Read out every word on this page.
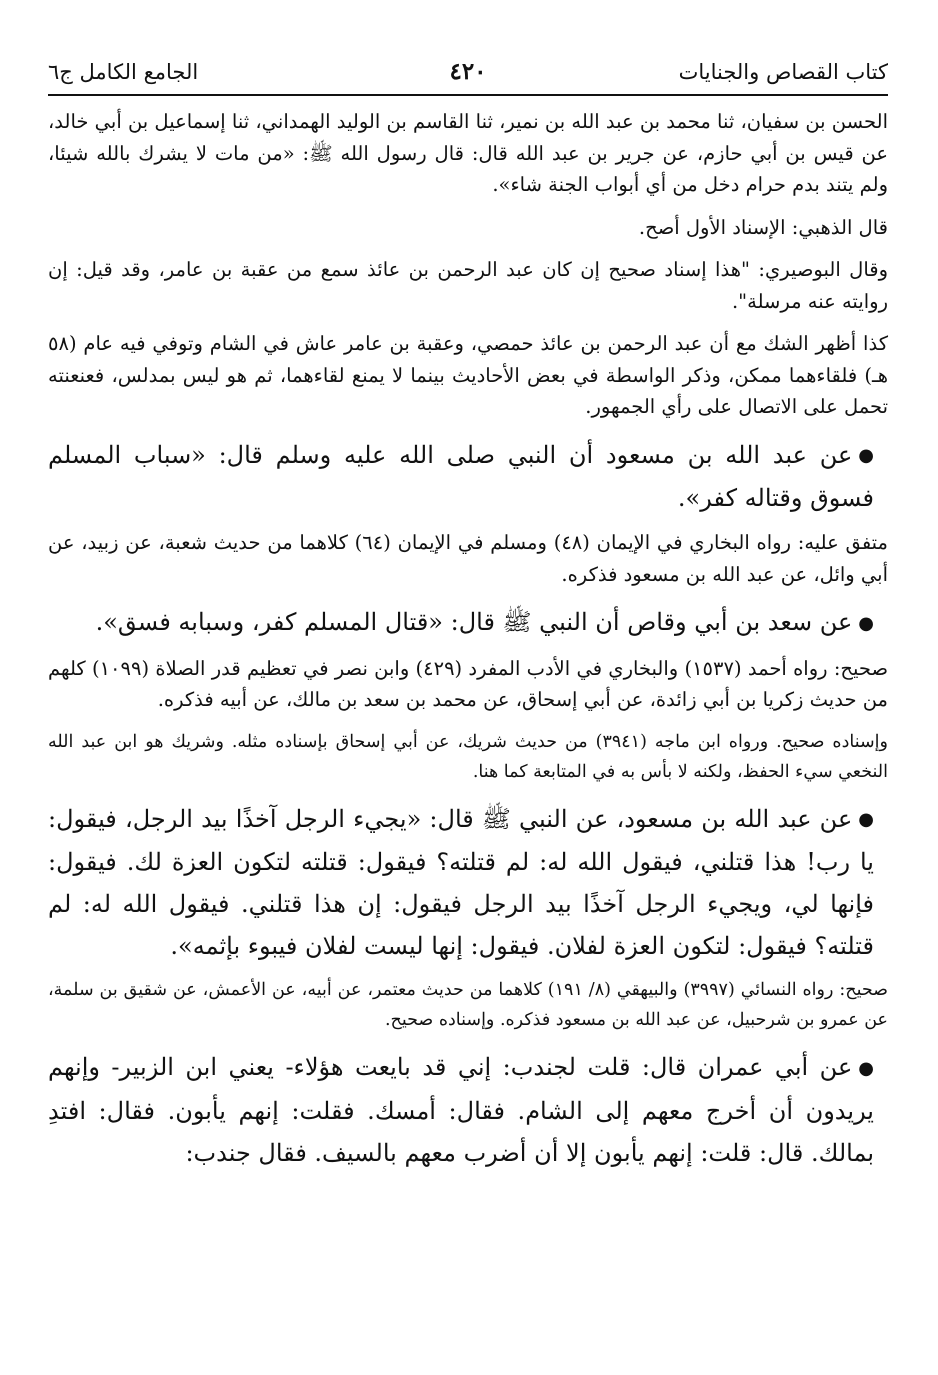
كتاب القصاص والجنايات
٤٢٠
الجامع الكامل ج٦
الحسن بن سفيان، ثنا محمد بن عبد الله بن نمير، ثنا القاسم بن الوليد الهمداني، ثنا إسماعيل بن أبي خالد، عن قيس بن أبي حازم، عن جرير بن عبد الله قال: قال رسول الله ﷺ: «من مات لا يشرك بالله شيئا، ولم يتند بدم حرام دخل من أي أبواب الجنة شاء».
قال الذهبي: الإسناد الأول أصح.
وقال البوصيري: "هذا إسناد صحيح إن كان عبد الرحمن بن عائذ سمع من عقبة بن عامر، وقد قيل: إن روايته عنه مرسلة".
كذا أظهر الشك مع أن عبد الرحمن بن عائذ حمصي، وعقبة بن عامر عاش في الشام وتوفي فيه عام (٥٨ هـ) فلقاءهما ممكن، وذكر الواسطة في بعض الأحاديث بينما لا يمنع لقاءهما، ثم هو ليس بمدلس، فعنعنته تحمل على الاتصال على رأي الجمهور.
●عن عبد الله بن مسعود أن النبي صلى الله عليه وسلم قال: «سباب المسلم فسوق وقتاله كفر».
متفق عليه: رواه البخاري في الإيمان (٤٨) ومسلم في الإيمان (٦٤) كلاهما من حديث شعبة، عن زبيد، عن أبي وائل، عن عبد الله بن مسعود فذكره.
●عن سعد بن أبي وقاص أن النبي ﷺ قال: «قتال المسلم كفر، وسبابه فسق».
صحيح: رواه أحمد (١٥٣٧) والبخاري في الأدب المفرد (٤٢٩) وابن نصر في تعظيم قدر الصلاة (١٠٩٩) كلهم من حديث زكريا بن أبي زائدة، عن أبي إسحاق، عن محمد بن سعد بن مالك، عن أبيه فذكره.
وإسناده صحيح. ورواه ابن ماجه (٣٩٤١) من حديث شريك، عن أبي إسحاق بإسناده مثله. وشريك هو ابن عبد الله النخعي سيء الحفظ، ولكنه لا بأس به في المتابعة كما هنا.
●عن عبد الله بن مسعود، عن النبي ﷺ قال: «يجيء الرجل آخذًا بيد الرجل، فيقول: يا رب! هذا قتلني، فيقول الله له: لم قتلته؟ فيقول: قتلته لتكون العزة لك. فيقول: فإنها لي، ويجيء الرجل آخذًا بيد الرجل فيقول: إن هذا قتلني. فيقول الله له: لم قتلته؟ فيقول: لتكون العزة لفلان. فيقول: إنها ليست لفلان فيبوء بإثمه».
صحيح: رواه النسائي (٣٩٩٧) والبيهقي (٨/ ١٩١) كلاهما من حديث معتمر، عن أبيه، عن الأعمش، عن شقيق بن سلمة، عن عمرو بن شرحبيل، عن عبد الله بن مسعود فذكره. وإسناده صحيح.
●عن أبي عمران قال: قلت لجندب: إني قد بايعت هؤلاء- يعني ابن الزبير- وإنهم يريدون أن أخرج معهم إلى الشام. فقال: أمسك. فقلت: إنهم يأبون. فقال: افتدِ بمالك. قال: قلت: إنهم يأبون إلا أن أضرب معهم بالسيف. فقال جندب:
